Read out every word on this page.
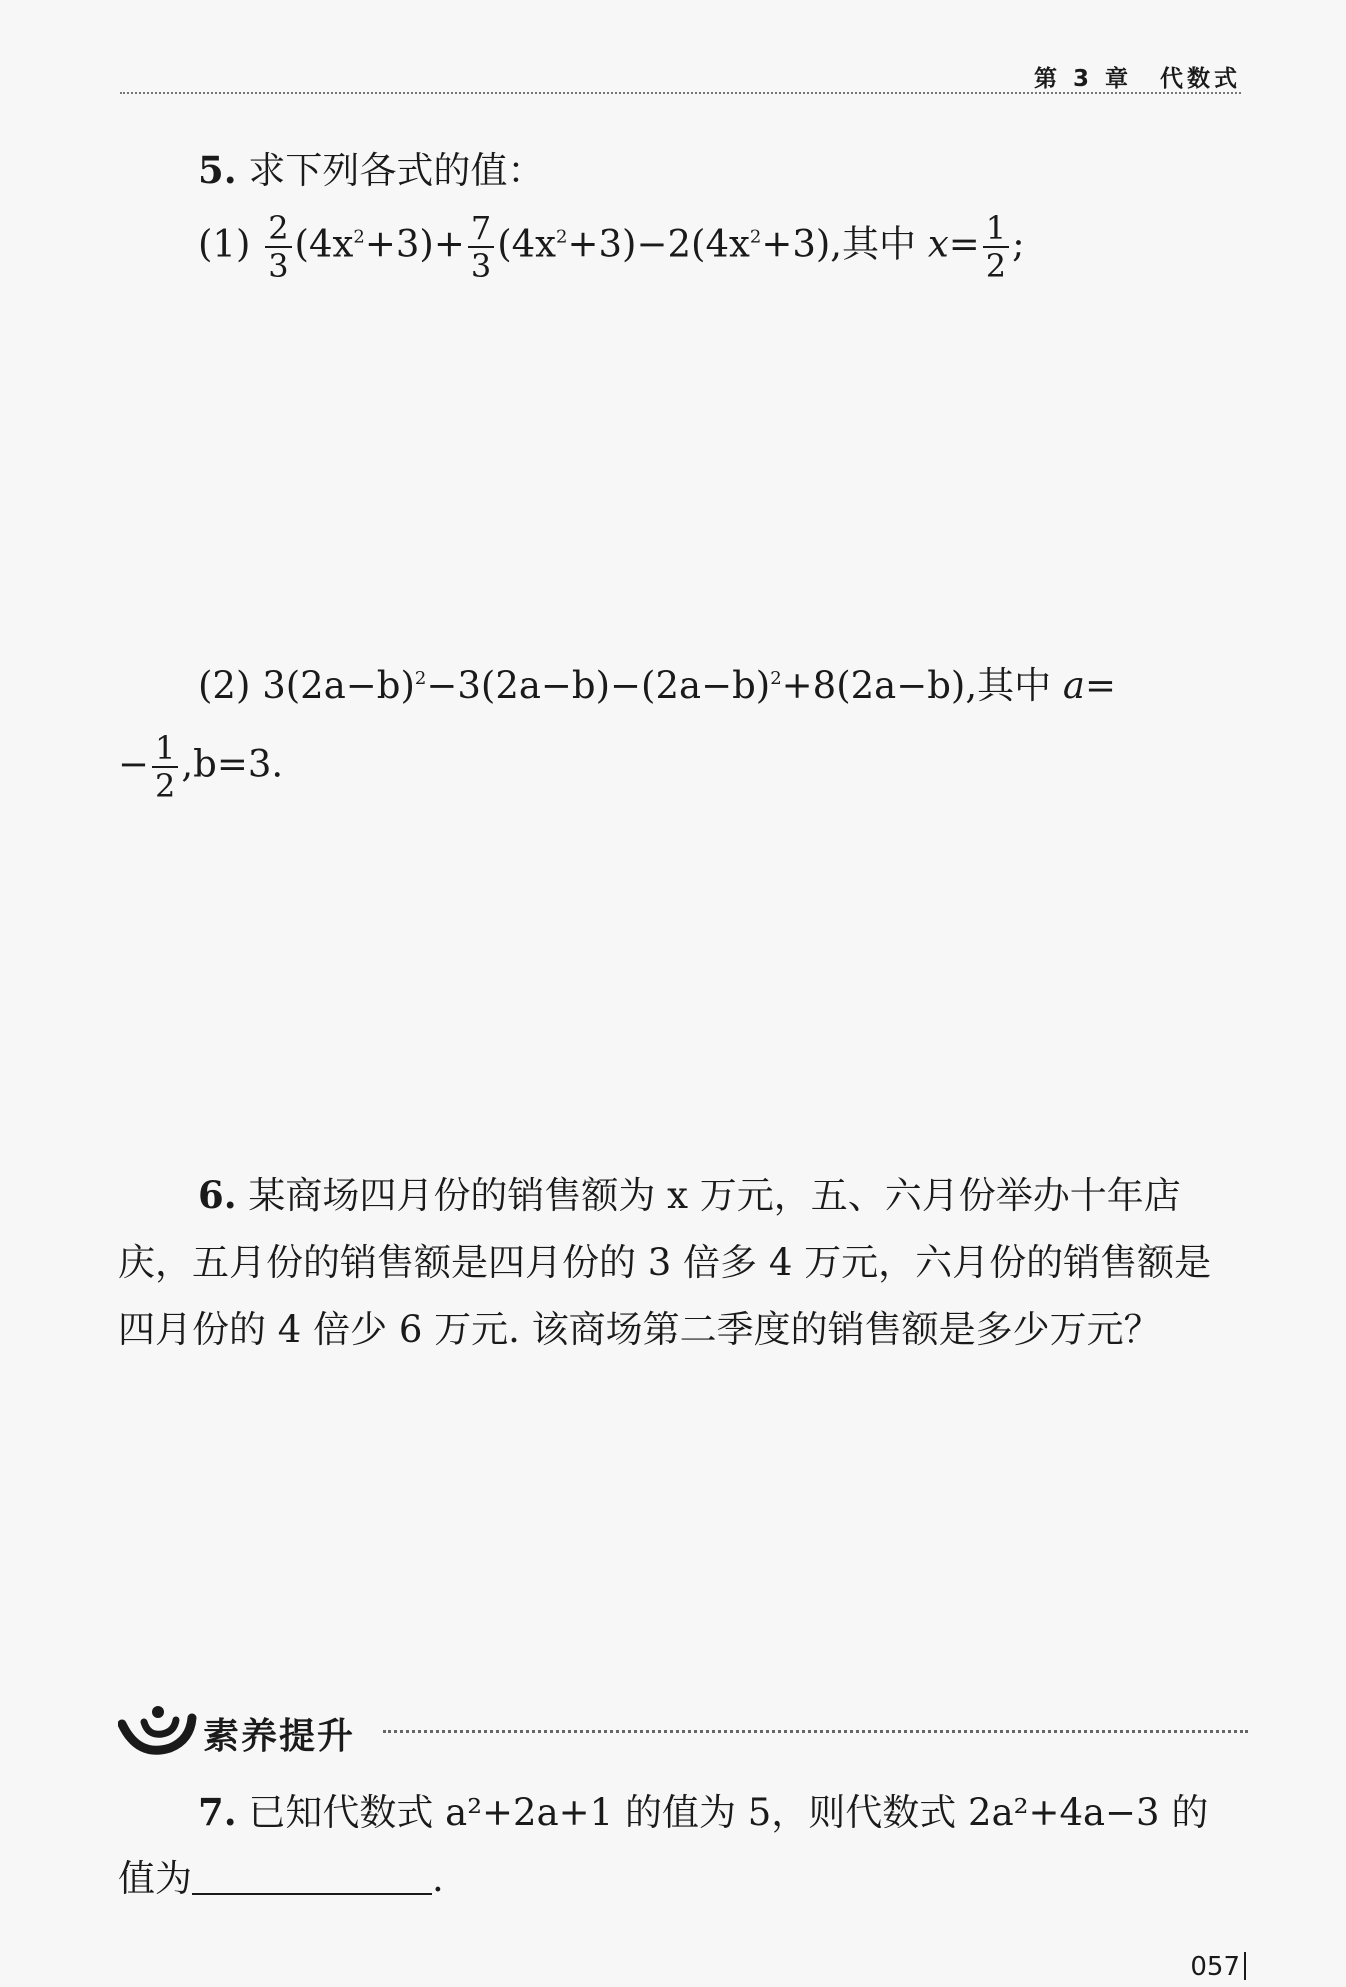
第 3 章 代数式
5. 求下列各式的值：
$(1) \frac{2}{3} (4x^2+3)+ \frac{7}{3} (4x^2+3)-2(4x^2+3)$,其中 $x= \frac{1}{2}$ ;
(2) $3(2a-b)^2-3(2a-b)-(2a-b)^2+8(2a-b)$,其中 a=
− $\frac{1}{2} ,b=3$.
6. 某商场四月份的销售额为 x 万元，五、六月份举办十年店
庆，五月份的销售额是四月份的 3 倍多 4 万元，六月份的销售额是
四月份的 4 倍少 6 万元. 该商场第二季度的销售额是多少万元？
素养提升
7. 已知代数式 a²+2a+1 的值为 5，则代数式 2a²+4a−3 的
值为	.
057
